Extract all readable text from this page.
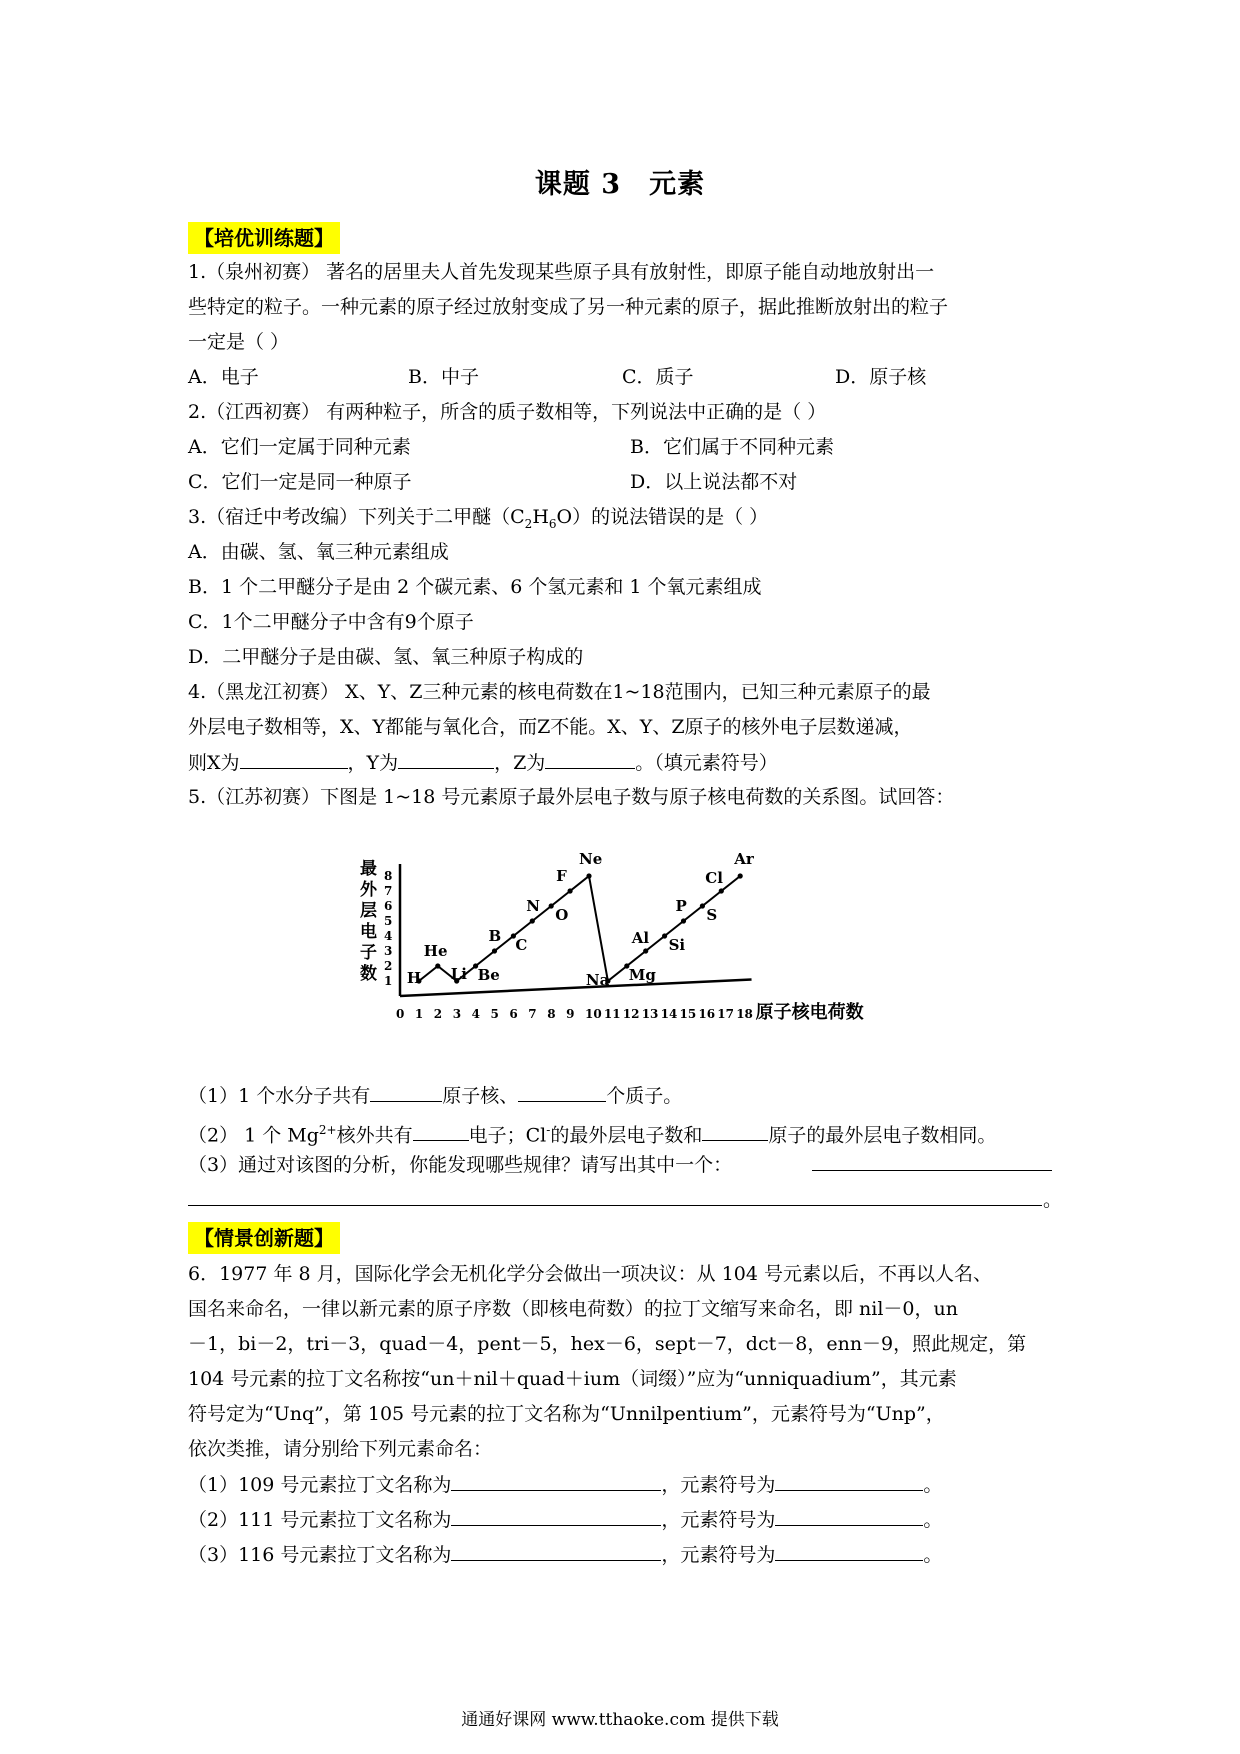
课题 3　元素
【培优训练题】
1.（泉州初赛） 著名的居里夫人首先发现某些原子具有放射性，即原子能自动地放射出一
些特定的粒子。一种元素的原子经过放射变成了另一种元素的原子，据此推断放射出的粒子
一定是（ ）
A．电子	B．中子	C．质子	D．原子核
2.（江西初赛） 有两种粒子，所含的质子数相等，下列说法中正确的是（ ）
A．它们一定属于同种元素	B．它们属于不同种元素
C．它们一定是同一种原子	D．以上说法都不对
3.（宿迁中考改编）下列关于二甲醚$(C_2H_6O)$的说法错误的是（ ）
A．由碳、氢、氧三种元素组成
B．1 个二甲醚分子是由 2 个碳元素、6 个氢元素和 1 个氧元素组成
C．1个二甲醚分子中含有9个原子
D．二甲醚分子是由碳、氢、氧三种原子构成的
4.（黑龙江初赛） X、Y、Z三种元素的核电荷数在1~18范围内，已知三种元素原子的最
外层电子数相等，X、Y都能与氧化合，而Z不能。X、Y、Z原子的核外电子层数递减，
则X为	，Y为	，Z为	。（填元素符号）
5.（江苏初赛）下图是 1~18 号元素原子最外层电子数与原子核电荷数的关系图。试回答：
最
外
层
电
子
数 1
2
3
4
5
6
7
8
0 1 2 3 4 5 6 7 8 9 10 11 12 13 14 15 16 17 18
H
He
Li Be
B C
N O
F
Ne
Na Mg
Al Si
P S
Cl
Ar
原子核电荷数
（1）1 个水分子共有	原子核、	个质子。
（2） 1 个 $Mg^{2+}$核外共有	电子；Cl-的最外层电子数和	原子的最外层电子数相同。
（3）通过对该图的分析，你能发现哪些规律？请写出其中一个：
。
【情景创新题】
6．1977 年 8 月，国际化学会无机化学分会做出一项决议：从 104 号元素以后，不再以人名、
国名来命名，一律以新元素的原子序数（即核电荷数）的拉丁文缩写来命名，即 nil－0，un
－1，bi－2，tri－3，quad－4，pent－5，hex－6，sept－7，dct－8，enn－9，照此规定，第
104 号元素的拉丁文名称按“un＋nil＋quad＋ium（词缀）”应为“unniquadium”，其元素
符号定为“Unq”，第 105 号元素的拉丁文名称为“Unnilpentium”，元素符号为“Unp”，
依次类推，请分别给下列元素命名：
（1）109 号元素拉丁文名称为	，元素符号为	。
（2）111 号元素拉丁文名称为	，元素符号为	。
（3）116 号元素拉丁文名称为	，元素符号为	。
通通好课网 www.tthaoke.com 提供下载
